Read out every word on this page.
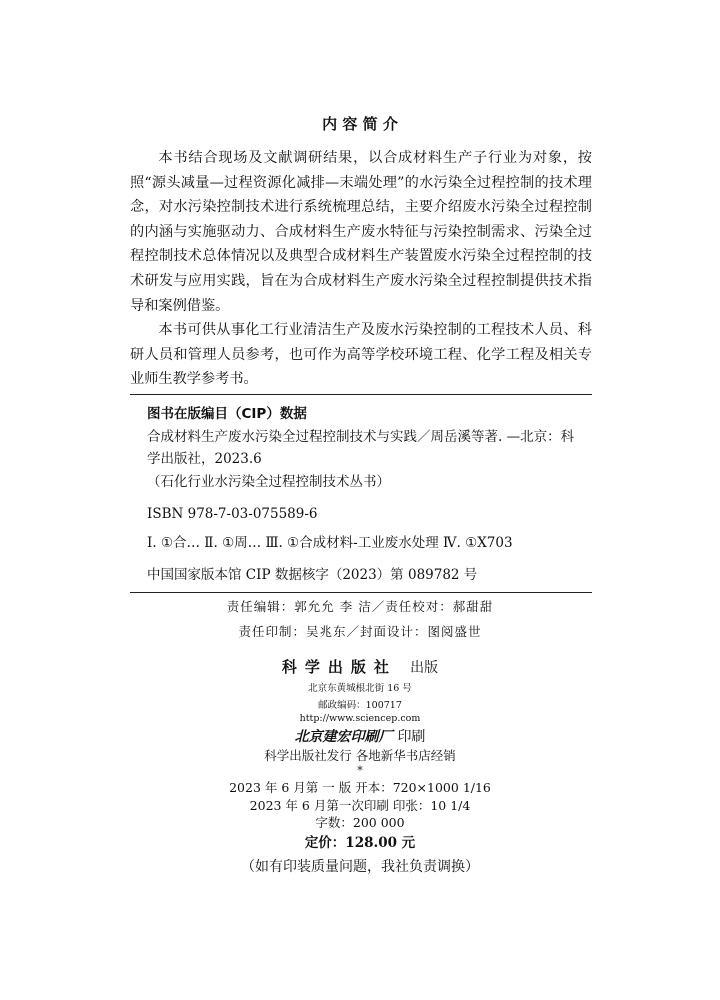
内 容 简 介

本书结合现场及文献调研结果，以合成材料生产子行业为对象，按照“源头减量—过程资源化减排—末端处理”的水污染全过程控制的技术理念，对水污染控制技术进行系统梳理总结，主要介绍废水污染全过程控制的内涵与实施驱动力、合成材料生产废水特征与污染控制需求、污染全过程控制技术总体情况以及典型合成材料生产装置废水污染全过程控制的技术研发与应用实践，旨在为合成材料生产废水污染全过程控制提供技术指导和案例借鉴。

本书可供从事化工行业清洁生产及废水污染控制的工程技术人员、科研人员和管理人员参考，也可作为高等学校环境工程、化学工程及相关专业师生教学参考书。

图书在版编目（CIP）数据
合成材料生产废水污染全过程控制技术与实践／周岳溪等著. —北京：科学出版社，2023.6
（石化行业水污染全过程控制技术丛书）
ISBN 978-7-03-075589-6
Ⅰ. ①合… Ⅱ. ①周… Ⅲ. ①合成材料-工业废水处理 Ⅳ. ①X703
中国国家版本馆 CIP 数据核字（2023）第 089782 号
责任编辑：郭允允 李 洁／责任校对：郝甜甜
责任印制：吴兆东／封面设计：图阅盛世
科学出版社 出版
北京东黄城根北街 16 号
邮政编码：100717
http://www.sciencep.com
北京建宏印刷厂 印刷
科学出版社发行 各地新华书店经销
*
2023 年 6 月第 一 版 开本：720×1000 1/16
2023 年 6 月第一次印刷 印张：10 1/4
字数：200 000
定价：128.00 元
（如有印装质量问题，我社负责调换）
